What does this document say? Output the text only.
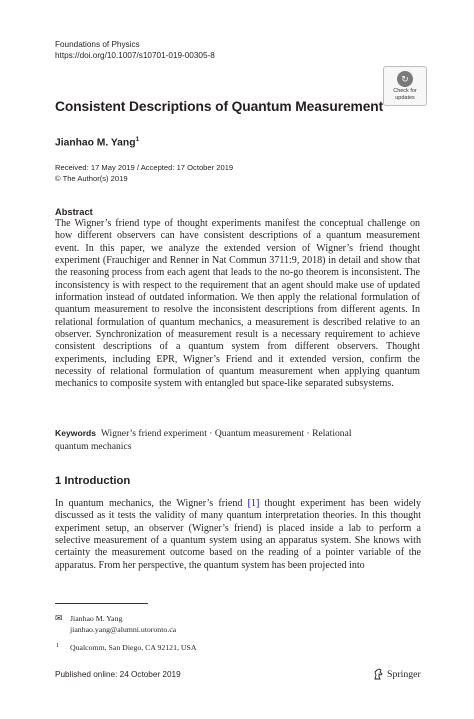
Foundations of Physics
https://doi.org/10.1007/s10701-019-00305-8
↻
Check for
updates
Consistent Descriptions of Quantum Measurement
Jianhao M. Yang$^1$
Received: 17 May 2019 / Accepted: 17 October 2019
© The Author(s) 2019
Abstract
The Wigner’s friend type of thought experiments manifest the conceptual challenge on how different observers can have consistent descriptions of a quantum measurement event. In this paper, we analyze the extended version of Wigner’s friend thought experiment (Frauchiger and Renner in Nat Commun 3711:9, 2018) in detail and show that the reasoning process from each agent that leads to the no-go theorem is inconsistent. The inconsistency is with respect to the requirement that an agent should make use of updated information instead of outdated information. We then apply the relational formulation of quantum measurement to resolve the inconsistent descriptions from different agents. In relational formulation of quantum mechanics, a measurement is described relative to an observer. Synchronization of measurement result is a necessary requirement to achieve consistent descriptions of a quantum system from different observers. Thought experiments, including EPR, Wigner’s Friend and it extended version, confirm the necessity of relational formulation of quantum measurement when applying quantum mechanics to composite system with entangled but space-like separated subsystems.
Keywords Wigner’s friend experiment · Quantum measurement · Relational quantum mechanics
1 Introduction
In quantum mechanics, the Wigner’s friend [1] thought experiment has been widely discussed as it tests the validity of many quantum interpretation theories. In this thought experiment setup, an observer (Wigner’s friend) is placed inside a lab to perform a selective measurement of a quantum system using an apparatus system. She knows with certainty the measurement outcome based on the reading of a pointer variable of the apparatus. From her perspective, the quantum system has been projected into
✉ Jianhao M. Yang
jianhao.yang@alumni.utoronto.ca
1 Qualcomm, San Diego, CA 92121, USA
Published online: 24 October 2019	Springer
